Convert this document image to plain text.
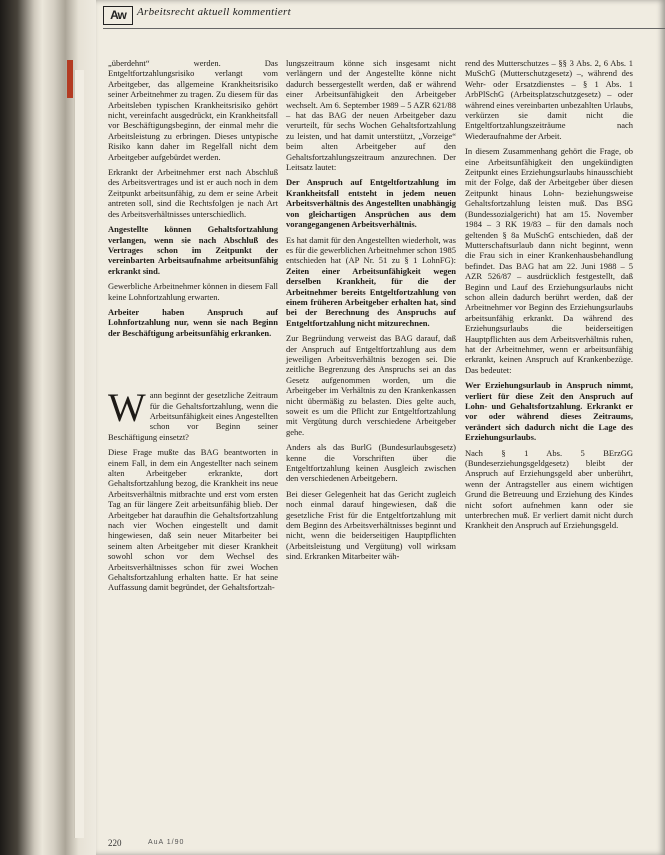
Aw	Arbeitsrecht aktuell kommentiert

„überdehnt“ werden. Das Entgeltfortzahlungsrisiko verlangt vom Arbeitgeber, das allgemeine Krankheitsrisiko seiner Arbeitnehmer zu tragen. Zu diesem für das Arbeitsleben typischen Krankheitsrisiko gehört nicht, vereinfacht ausgedrückt, ein Krankheitsfall vor Beschäftigungsbeginn, der einmal mehr die Arbeitsleistung zu erbringen. Dieses untypische Risiko kann daher im Regelfall nicht dem Arbeitgeber aufgebürdet werden.

Erkrankt der Arbeitnehmer erst nach Abschluß des Arbeitsvertrages und ist er auch noch in dem Zeitpunkt arbeitsunfähig, zu dem er seine Arbeit antreten soll, sind die Rechtsfolgen je nach Art des Arbeitsverhältnisses unterschiedlich.

Angestellte können Gehaltsfortzahlung verlangen, wenn sie nach Abschluß des Vertrages schon im Zeitpunkt der vereinbarten Arbeitsaufnahme arbeitsunfähig erkrankt sind.

Gewerbliche Arbeitnehmer können in diesem Fall keine Lohnfortzahlung erwarten.

Arbeiter haben Anspruch auf Lohnfortzahlung nur, wenn sie nach Beginn der Beschäftigung arbeitsunfähig erkranken.

Wann beginnt der gesetzliche Zeitraum für die Gehaltsfortzahlung, wenn die Arbeitsunfähigkeit eines Angestellten schon vor Beginn seiner Beschäftigung einsetzt?

Diese Frage mußte das BAG beantworten in einem Fall, in dem ein Angestellter nach seinem alten Arbeitgeber erkrankte, dort Gehaltsfortzahlung bezog, die Krankheit ins neue Arbeitsverhältnis mitbrachte und erst vom ersten Tag an für längere Zeit arbeitsunfähig blieb. Der Arbeitgeber hat daraufhin die Gehaltsfortzahlung nach vier Wochen eingestellt und damit hingewiesen, daß sein neuer Mitarbeiter bei seinem alten Arbeitgeber mit dieser Krankheit sowohl schon vor dem Wechsel des Arbeitsverhältnisses schon für zwei Wochen Gehaltsfortzahlung erhalten hatte. Er hat seine Auffassung damit begründet, der Gehaltsfortzah-

lungszeitraum könne sich insgesamt nicht verlängern und der Angestellte könne nicht dadurch bessergestellt werden, daß er während einer Arbeitsunfähigkeit den Arbeitgeber wechselt. Am 6. September 1989 – 5 AZR 621/88 – hat das BAG der neuen Arbeitgeber dazu verurteilt, für sechs Wochen Gehaltsfortzahlung zu leisten, und hat damit unterstützt, „Vorzeige“ beim alten Arbeitgeber auf den Gehaltsfortzahlungszeitraum anzurechnen. Der Leitsatz lautet:

Der Anspruch auf Entgeltfortzahlung im Krankheitsfall entsteht in jedem neuen Arbeitsverhältnis des Angestellten unabhängig von gleichartigen Ansprüchen aus dem vorangegangenen Arbeitsverhältnis.

Es hat damit für den Angestellten wiederholt, was es für die gewerblichen Arbeitnehmer schon 1985 entschieden hat (AP Nr. 51 zu § 1 LohnFG): Zeiten einer Arbeitsunfähigkeit wegen derselben Krankheit, für die der Arbeitnehmer bereits Entgeltfortzahlung von einem früheren Arbeitgeber erhalten hat, sind bei der Berechnung des Anspruchs auf Entgeltfortzahlung nicht mitzurechnen.

Zur Begründung verweist das BAG darauf, daß der Anspruch auf Entgeltfortzahlung aus dem jeweiligen Arbeitsverhältnis bezogen sei. Die zeitliche Begrenzung des Anspruchs sei an das Gesetz aufgenommen worden, um die Arbeitgeber im Verhältnis zu den Krankenkassen nicht übermäßig zu belasten. Dies gelte auch, soweit es um die Pflicht zur Entgeltfortzahlung mit Vergütung durch verschiedene Arbeitgeber gehe.

Anders als das BurlG (Bundesurlaubsgesetz) kenne die Vorschriften über die Entgeltfortzahlung keinen Ausgleich zwischen den verschiedenen Arbeitgebern.

Bei dieser Gelegenheit hat das Gericht zugleich noch einmal darauf hingewiesen, daß die gesetzliche Frist für die Entgeltfortzahlung mit dem Beginn des Arbeitsverhältnisses beginnt und nicht, wenn die beiderseitigen Hauptpflichten (Arbeitsleistung und Vergütung) voll wirksam sind. Erkranken Mitarbeiter wäh-

rend des Mutterschutzes – §§ 3 Abs. 2, 6 Abs. 1 MuSchG (Mutterschutzgesetz) –, während des Wehr- oder Ersatzdienstes – § 1 Abs. 1 ArbPlSchG (Arbeitsplatzschutzgesetz) – oder während eines vereinbarten unbezahlten Urlaubs, verkürzen sie damit nicht die Entgeltfortzahlungszeiträume nach Wiederaufnahme der Arbeit.

In diesem Zusammenhang gehört die Frage, ob eine Arbeitsunfähigkeit den ungekündigten Zeitpunkt eines Erziehungsurlaubs hinausschiebt mit der Folge, daß der Arbeitgeber über diesen Zeitpunkt hinaus Lohn- beziehungsweise Gehaltsfortzahlung leisten muß. Das BSG (Bundessozialgericht) hat am 15. November 1984 – 3 RK 19/83 – für den damals noch geltenden § 8a MuSchG entschieden, daß der Mutterschaftsurlaub dann nicht beginnt, wenn die Frau sich in einer Krankenhausbehandlung befindet. Das BAG hat am 22. Juni 1988 – 5 AZR 526/87 – ausdrücklich festgestellt, daß Beginn und Lauf des Erziehungsurlaubs nicht schon allein dadurch berührt werden, daß der Arbeitnehmer vor Beginn des Erziehungsurlaubs arbeitsunfähig erkrankt. Da während des Erziehungsurlaubs die beiderseitigen Hauptpflichten aus dem Arbeitsverhältnis ruhen, hat der Arbeitnehmer, wenn er arbeitsunfähig erkrankt, keinen Anspruch auf Krankenbezüge. Das bedeutet:

Wer Erziehungsurlaub in Anspruch nimmt, verliert für diese Zeit den Anspruch auf Lohn- und Gehaltsfortzahlung. Erkrankt er vor oder während dieses Zeitraums, verändert sich dadurch nicht die Lage des Erziehungsurlaubs.

Nach § 1 Abs. 5 BErzGG (Bundeserziehungsgeldgesetz) bleibt der Anspruch auf Erziehungsgeld aber unberührt, wenn der Antragsteller aus einem wichtigen Grund die Betreuung und Erziehung des Kindes nicht sofort aufnehmen kann oder sie unterbrechen muß. Er verliert damit nicht durch Krankheit den Anspruch auf Erziehungsgeld.

220	AuA 1/90
